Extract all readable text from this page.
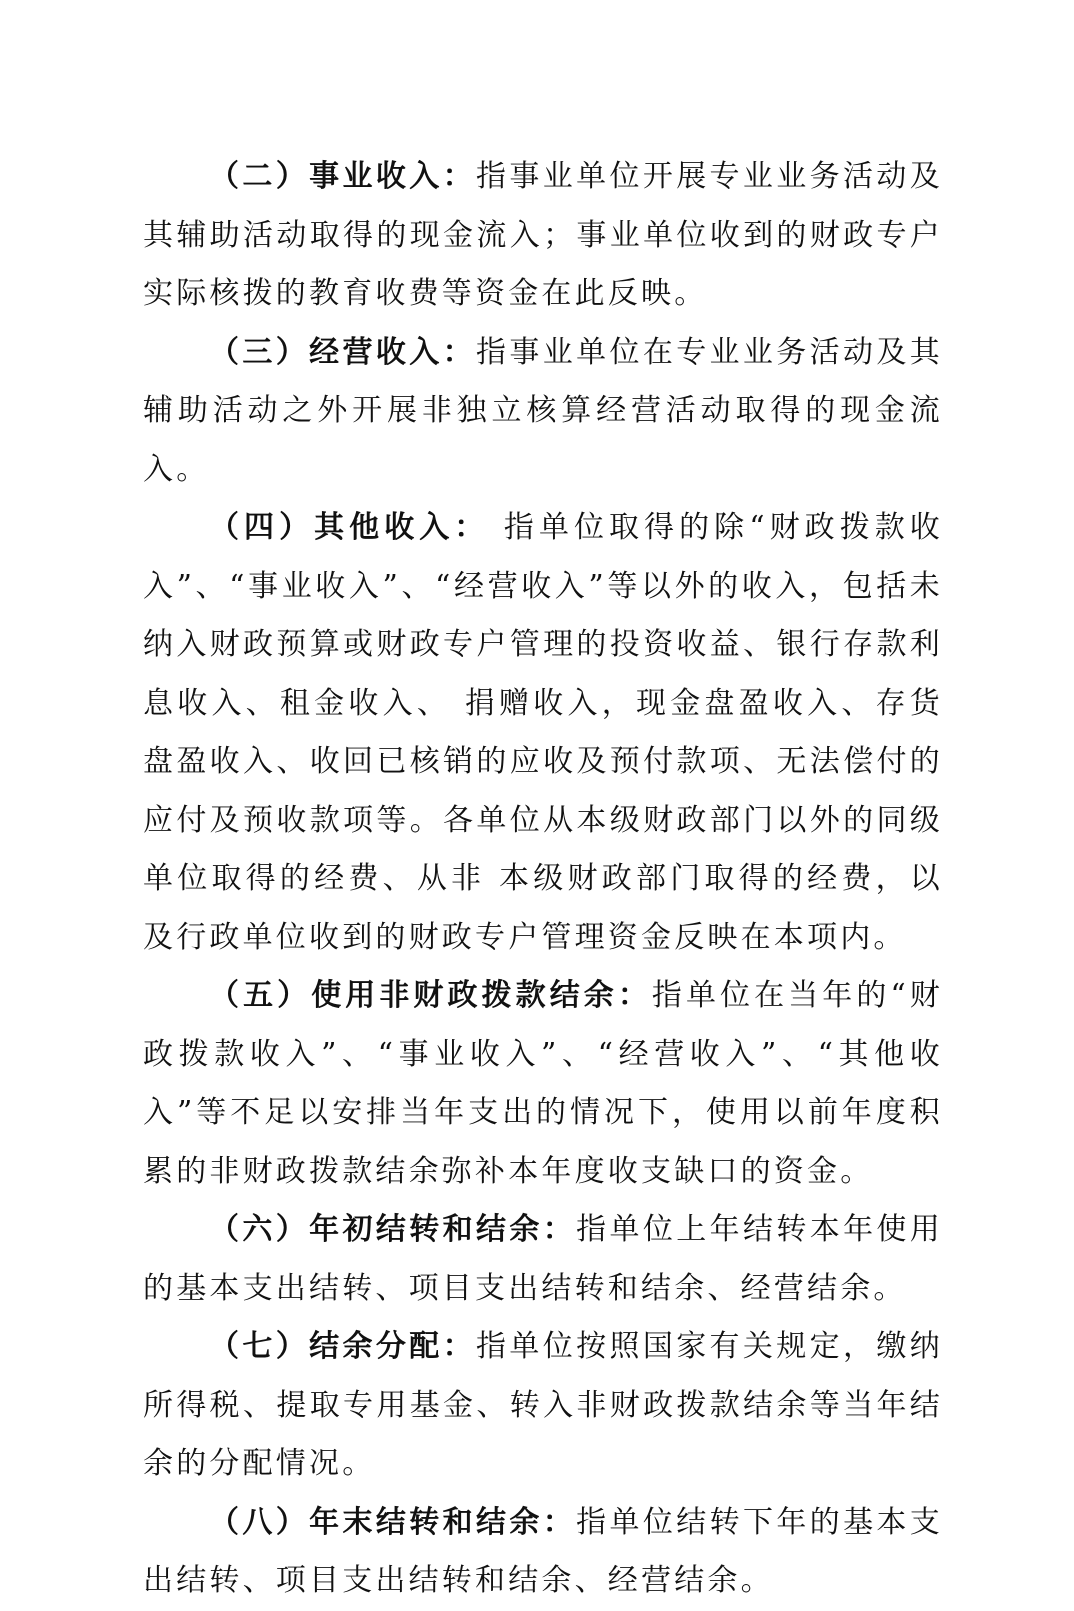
（二）事业收入：指事业单位开展专业业务活动及其辅助活动取得的现金流入；事业单位收到的财政专户实际核拨的教育收费等资金在此反映。

（三）经营收入：指事业单位在专业业务活动及其辅助活动之外开展非独立核算经营活动取得的现金流入。

（四）其他收入： 指单位取得的除“财政拨款收入”、“事业收入”、“经营收入”等以外的收入，包括未纳入财政预算或财政专户管理的投资收益、银行存款利息收入、租金收入、 捐赠收入，现金盘盈收入、存货盘盈收入、收回已核销的应收及预付款项、无法偿付的应付及预收款项等。各单位从本级财政部门以外的同级单位取得的经费、从非 本级财政部门取得的经费，以及行政单位收到的财政专户管理资金反映在本项内。

（五）使用非财政拨款结余：指单位在当年的“财政拨款收入”、“事业收入”、“经营收入”、“其他收入”等不足以安排当年支出的情况下，使用以前年度积累的非财政拨款结余弥补本年度收支缺口的资金。

（六）年初结转和结余：指单位上年结转本年使用的基本支出结转、项目支出结转和结余、经营结余。

（七）结余分配：指单位按照国家有关规定，缴纳所得税、提取专用基金、转入非财政拨款结余等当年结余的分配情况。

（八）年末结转和结余：指单位结转下年的基本支出结转、项目支出结转和结余、经营结余。
